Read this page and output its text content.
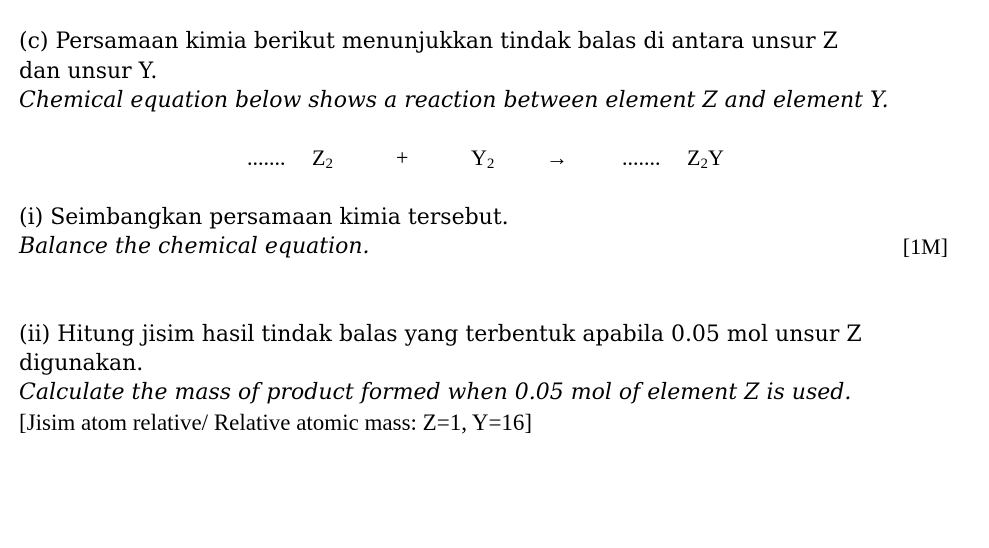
(c) Persamaan kimia berikut menunjukkan tindak balas di antara unsur Z
dan unsur Y.
Chemical equation below shows a reaction between element Z and element Y.
....... $Z_2$	+	$Y_2$ → ....... $Z_2Y$
(i) Seimbangkan persamaan kimia tersebut.
Balance the chemical equation.	[1M]
(ii) Hitung jisim hasil tindak balas yang terbentuk apabila 0.05 mol unsur Z
digunakan.
Calculate the mass of product formed when 0.05 mol of element Z is used.
[Jisim atom relative/ Relative atomic mass: Z=1, Y=16]
